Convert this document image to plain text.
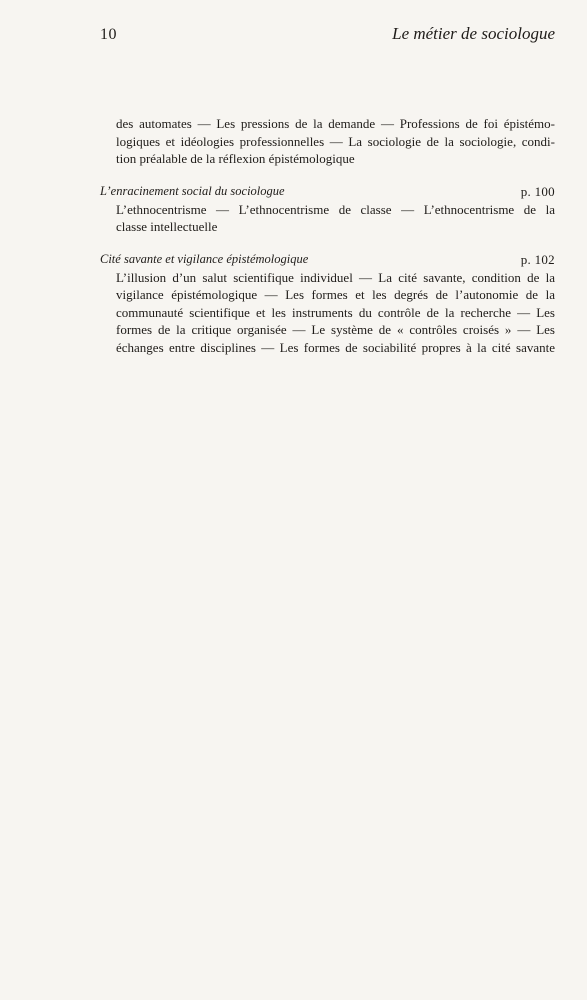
10	Le métier de sociologue
des automates — Les pressions de la demande — Professions de foi épistémo-
logiques et idéologies professionnelles — La sociologie de la sociologie, condi-
tion préalable de la réflexion épistémologique
L’enracinement social du sociologue	p. 100
L’ethnocentrisme — L’ethnocentrisme de classe — L’ethnocentrisme de la
classe intellectuelle
Cité savante et vigilance épistémologique	p. 102
L’illusion d’un salut scientifique individuel — La cité savante, condition de la
vigilance épistémologique — Les formes et les degrés de l’autonomie de la
communauté scientifique et les instruments du contrôle de la recherche — Les
formes de la critique organisée — Le système de « contrôles croisés » — Les
échanges entre disciplines — Les formes de sociabilité propres à la cité savante
